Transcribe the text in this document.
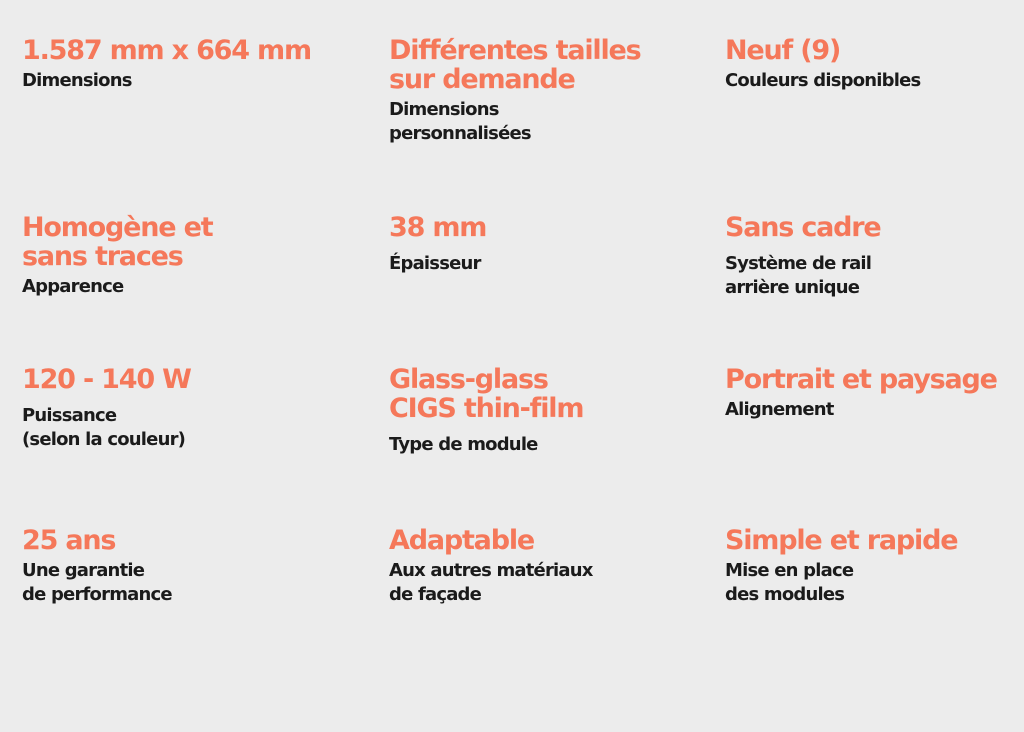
1.587 mm x 664 mm
Dimensions
Différentes tailles
sur demande
Dimensions
personnalisées
Neuf (9)
Couleurs disponibles
Homogène et
sans traces
Apparence
38 mm
Épaisseur
Sans cadre
Système de rail
arrière unique
120 - 140 W
Puissance
(selon la couleur)
Glass-glass
CIGS thin-film
Type de module
Portrait et paysage
Alignement
25 ans
Une garantie
de performance
Adaptable
Aux autres matériaux
de façade
Simple et rapide
Mise en place
des modules
